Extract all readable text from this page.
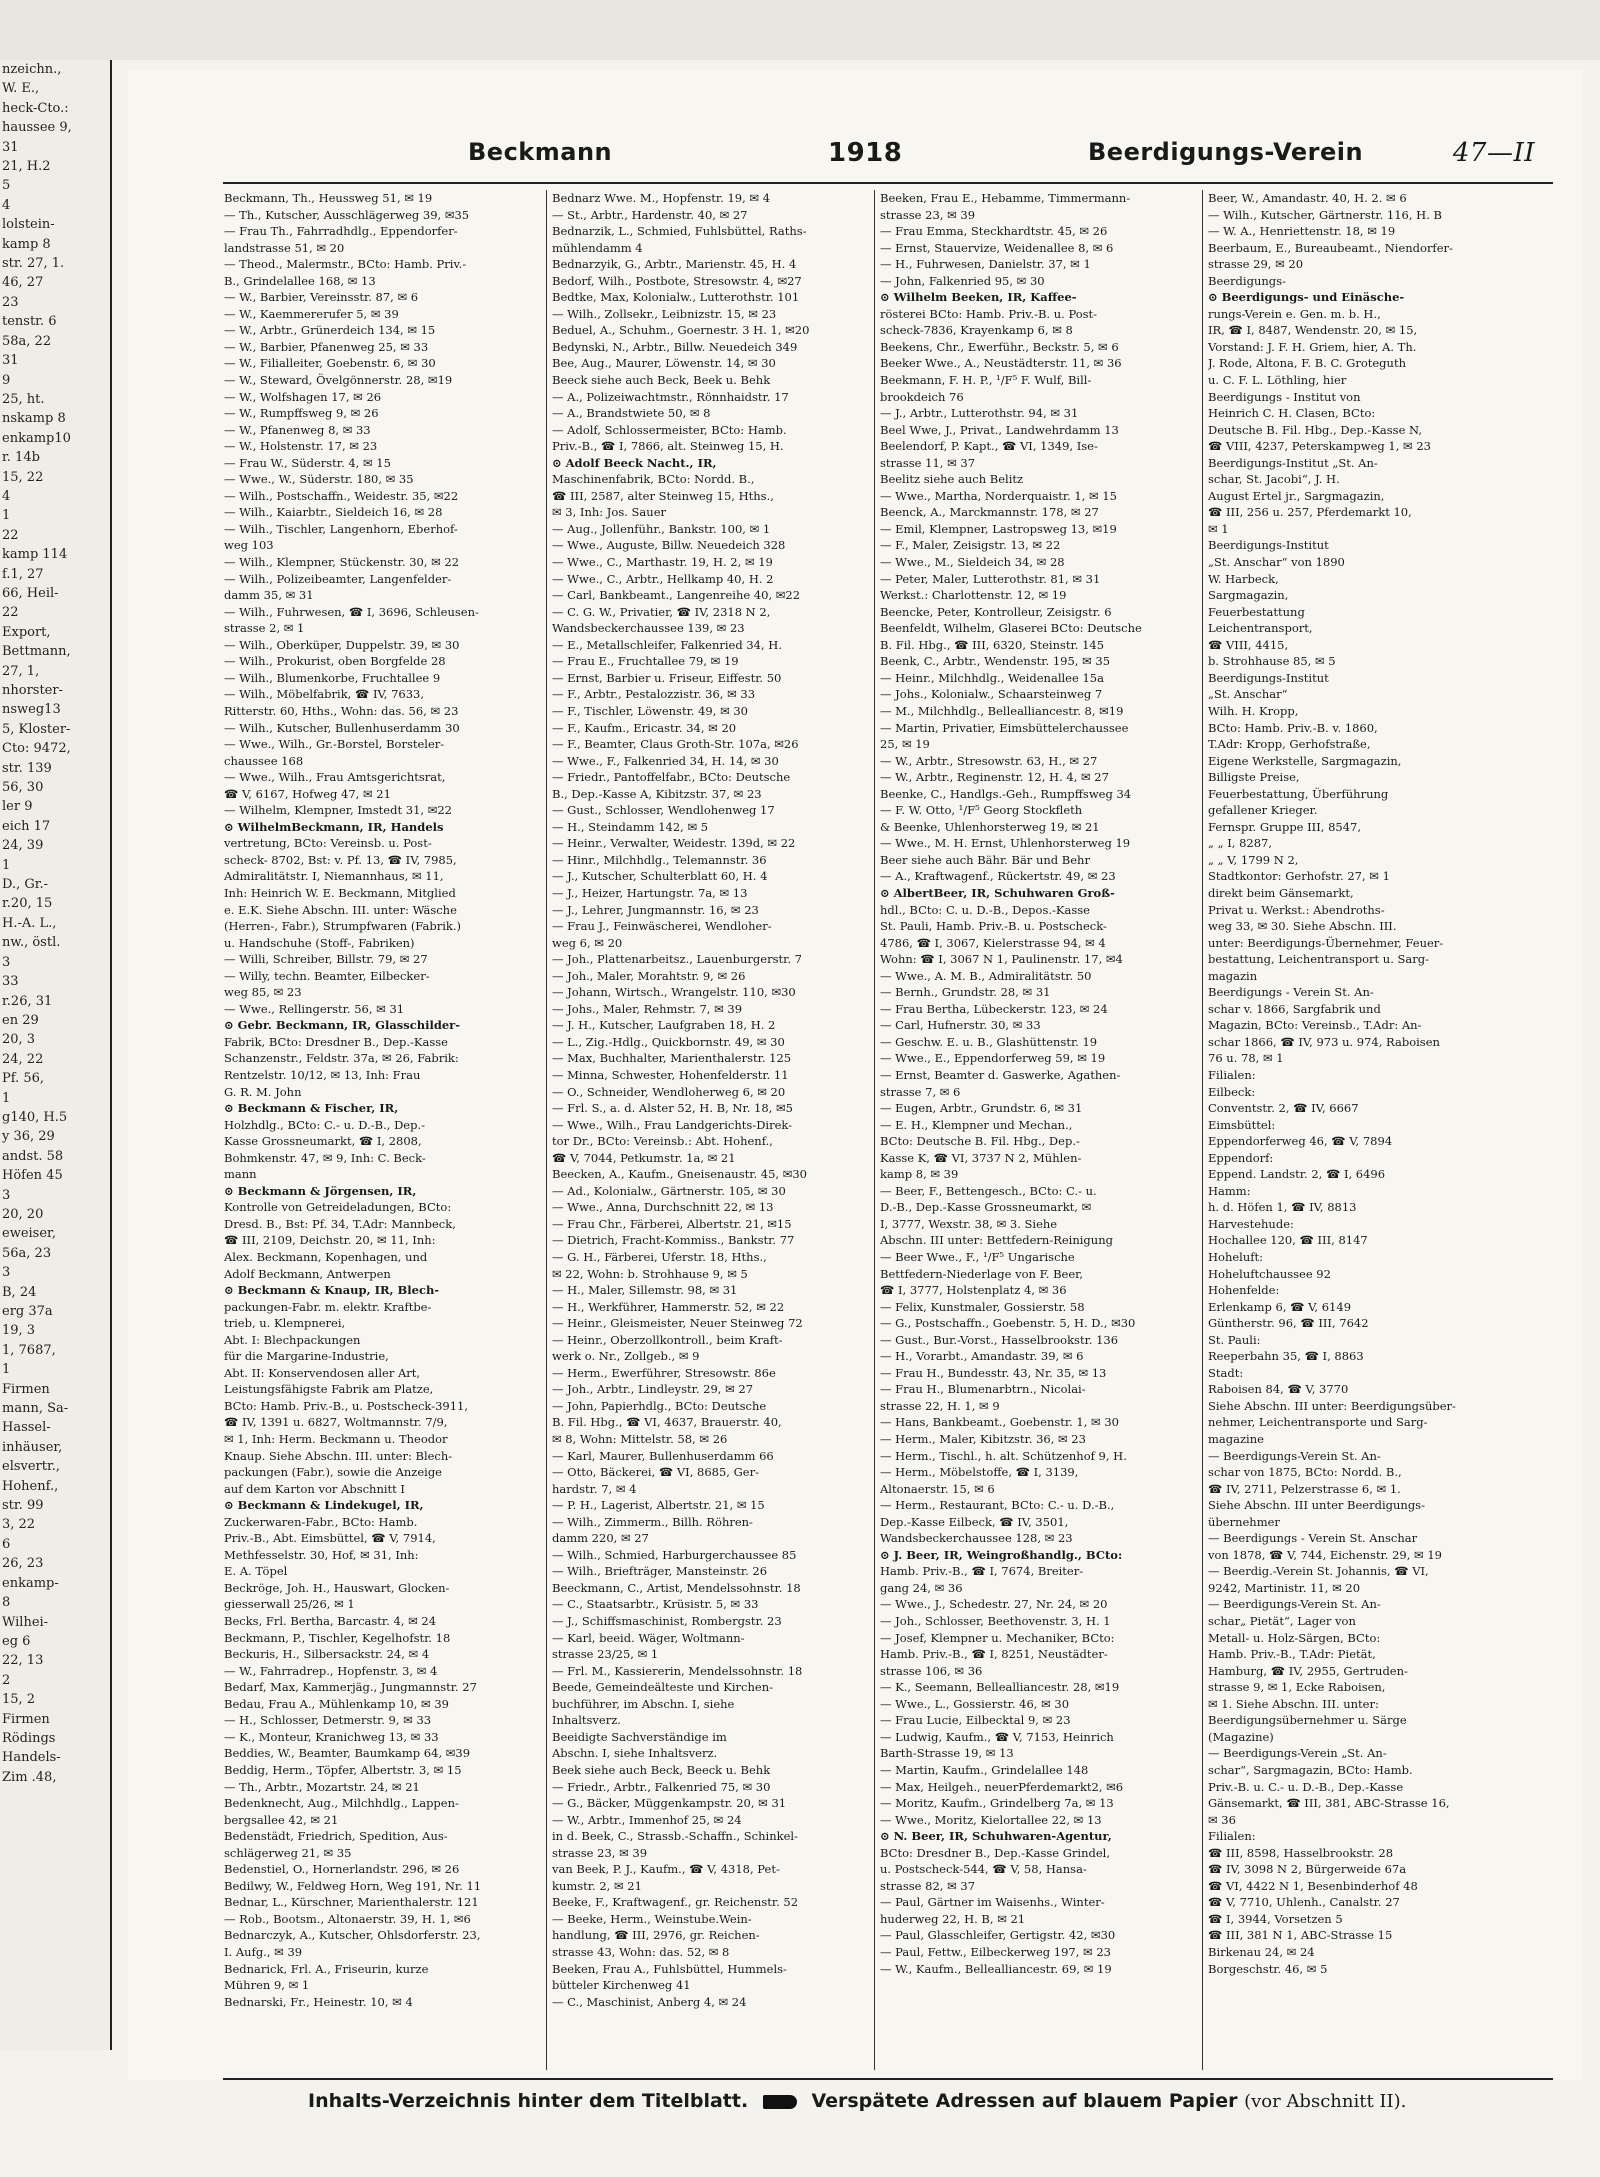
nzeichn.,
W. E.,
heck-Cto.:
haussee 9,
31
21, H.2
5
4
lolstein-
kamp 8
str. 27, 1.
46, 27
23
tenstr. 6
58a, 22
31
9
25, ht.
nskamp 8
enkamp10
r. 14b
15, 22
4
1
22
kamp 114
f.1, 27
66, Heil-
22
Export,
Bettmann,
27, 1,
nhorster-
nsweg13
5, Kloster-
Cto: 9472,
str. 139
56, 30
ler 9
eich 17
24, 39
1
D., Gr.-
r.20, 15
H.-A. L.,
nw., östl.
3
33
r.26, 31
en 29
20, 3
24, 22
Pf. 56,
1
g140, H.5
y 36, 29
andst. 58
Höfen 45
3
20, 20
eweiser,
56a, 23
3
B, 24
erg 37a
19, 3
1, 7687,
1
Firmen
mann, Sa-
Hassel-
inhäuser,
elsvertr.,
Hohenf.,
str. 99
3, 22
6
26, 23
enkamp-
8
Wilhei-
eg 6
22, 13
2
15, 2
Firmen
Rödings
Handels-
Zim .48,
Beckmann	1918	Beerdigungs-Verein	47—II
Beckmann, Th., Heussweg 51, ✉ 19
— Th., Kutscher, Ausschlägerweg 39, ✉35
— Frau Th., Fahrradhdlg., Eppendorfer-
landstrasse 51, ✉ 20
— Theod., Malermstr., BCto: Hamb. Priv.-
B., Grindelallee 168, ✉ 13
— W., Barbier, Vereinsstr. 87, ✉ 6
— W., Kaemmererufer 5, ✉ 39
— W., Arbtr., Grünerdeich 134, ✉ 15
— W., Barbier, Pfanenweg 25, ✉ 33
— W., Filialleiter, Goebenstr. 6, ✉ 30
— W., Steward, Övelgönnerstr. 28, ✉19
— W., Wolfshagen 17, ✉ 26
— W., Rumpffsweg 9, ✉ 26
— W., Pfanenweg 8, ✉ 33
— W., Holstenstr. 17, ✉ 23
— Frau W., Süderstr. 4, ✉ 15
— Wwe., W., Süderstr. 180, ✉ 35
— Wilh., Postschaffn., Weidestr. 35, ✉22
— Wilh., Kaiarbtr., Sieldeich 16, ✉ 28
— Wilh., Tischler, Langenhorn, Eberhof-
weg 103
— Wilh., Klempner, Stückenstr. 30, ✉ 22
— Wilh., Polizeibeamter, Langenfelder-
damm 35, ✉ 31
— Wilh., Fuhrwesen, ☎ I, 3696, Schleusen-
strasse 2, ✉ 1
— Wilh., Oberküper, Duppelstr. 39, ✉ 30
— Wilh., Prokurist, oben Borgfelde 28
— Wilh., Blumenkorbe, Fruchtallee 9
— Wilh., Möbelfabrik, ☎ IV, 7633,
Ritterstr. 60, Hths., Wohn: das. 56, ✉ 23
— Wilh., Kutscher, Bullenhuserdamm 30
— Wwe., Wilh., Gr.-Borstel, Borsteler-
chaussee 168
— Wwe., Wilh., Frau Amtsgerichtsrat,
☎ V, 6167, Hofweg 47, ✉ 21
— Wilhelm, Klempner, Imstedt 31, ✉22
⊙ WilhelmBeckmann, IR, Handels
vertretung, BCto: Vereinsb. u. Post-
scheck- 8702, Bst: v. Pf. 13, ☎ IV, 7985,
Admiralitätstr. I, Niemannhaus, ✉ 11,
Inh: Heinrich W. E. Beckmann, Mitglied
e. E.K. Siehe Abschn. III. unter: Wäsche
(Herren-, Fabr.), Strumpfwaren (Fabrik.)
u. Handschuhe (Stoff-, Fabriken)
— Willi, Schreiber, Billstr. 79, ✉ 27
— Willy, techn. Beamter, Eilbecker-
weg 85, ✉ 23
— Wwe., Rellingerstr. 56, ✉ 31
⊙ Gebr. Beckmann, IR, Glasschilder-
Fabrik, BCto: Dresdner B., Dep.-Kasse
Schanzenstr., Feldstr. 37a, ✉ 26, Fabrik:
Rentzelstr. 10/12, ✉ 13, Inh: Frau
G. R. M. John
⊙ Beckmann & Fischer, IR,
Holzhdlg., BCto: C.- u. D.-B., Dep.-
Kasse Grossneumarkt, ☎ I, 2808,
Bohmkenstr. 47, ✉ 9, Inh: C. Beck-
mann
⊙ Beckmann & Jörgensen, IR,
Kontrolle von Getreideladungen, BCto:
Dresd. B., Bst: Pf. 34, T.Adr: Mannbeck,
☎ III, 2109, Deichstr. 20, ✉ 11, Inh:
Alex. Beckmann, Kopenhagen, und
Adolf Beckmann, Antwerpen
⊙ Beckmann & Knaup, IR, Blech-
packungen-Fabr. m. elektr. Kraftbe-
trieb, u. Klempnerei,
Abt. I: Blechpackungen
für die Margarine-Industrie,
Abt. II: Konservendosen aller Art,
Leistungsfähigste Fabrik am Platze,
BCto: Hamb. Priv.-B., u. Postscheck-3911,
☎ IV, 1391 u. 6827, Woltmannstr. 7/9,
✉ 1, Inh: Herm. Beckmann u. Theodor
Knaup. Siehe Abschn. III. unter: Blech-
packungen (Fabr.), sowie die Anzeige
auf dem Karton vor Abschnitt I
⊙ Beckmann & Lindekugel, IR,
Zuckerwaren-Fabr., BCto: Hamb.
Priv.-B., Abt. Eimsbüttel, ☎ V, 7914,
Methfesselstr. 30, Hof, ✉ 31, Inh:
E. A. Töpel
Beckröge, Joh. H., Hauswart, Glocken-
giesserwall 25/26, ✉ 1
Becks, Frl. Bertha, Barcastr. 4, ✉ 24
Beckmann, P., Tischler, Kegelhofstr. 18
Beckuris, H., Silbersackstr. 24, ✉ 4
— W., Fahrradrep., Hopfenstr. 3, ✉ 4
Bedarf, Max, Kammerjäg., Jungmannstr. 27
Bedau, Frau A., Mühlenkamp 10, ✉ 39
— H., Schlosser, Detmerstr. 9, ✉ 33
— K., Monteur, Kranichweg 13, ✉ 33
Beddies, W., Beamter, Baumkamp 64, ✉39
Beddig, Herm., Töpfer, Albertstr. 3, ✉ 15
— Th., Arbtr., Mozartstr. 24, ✉ 21
Bedenknecht, Aug., Milchhdlg., Lappen-
bergsallee 42, ✉ 21
Bedenstädt, Friedrich, Spedition, Aus-
schlägerweg 21, ✉ 35
Bedenstiel, O., Hornerlandstr. 296, ✉ 26
Bedilwy, W., Feldweg Horn, Weg 191, Nr. 11
Bednar, L., Kürschner, Marienthalerstr. 121
— Rob., Bootsm., Altonaerstr. 39, H. 1, ✉6
Bednarczyk, A., Kutscher, Ohlsdorferstr. 23,
I. Aufg., ✉ 39
Bednarick, Frl. A., Friseurin, kurze
Mühren 9, ✉ 1
Bednarski, Fr., Heinestr. 10, ✉ 4
Bednarz Wwe. M., Hopfenstr. 19, ✉ 4
— St., Arbtr., Hardenstr. 40, ✉ 27
Bednarzik, L., Schmied, Fuhlsbüttel, Raths-
mühlendamm 4
Bednarzyik, G., Arbtr., Marienstr. 45, H. 4
Bedorf, Wilh., Postbote, Stresowstr. 4, ✉27
Bedtke, Max, Kolonialw., Lutterothstr. 101
— Wilh., Zollsekr., Leibnizstr. 15, ✉ 23
Beduel, A., Schuhm., Goernestr. 3 H. 1, ✉20
Bedynski, N., Arbtr., Billw. Neuedeich 349
Bee, Aug., Maurer, Löwenstr. 14, ✉ 30
Beeck siehe auch Beck, Beek u. Behk
— A., Polizeiwachtmstr., Rönnhaidstr. 17
— A., Brandstwiete 50, ✉ 8
— Adolf, Schlossermeister, BCto: Hamb.
Priv.-B., ☎ I, 7866, alt. Steinweg 15, H.
⊙ Adolf Beeck Nacht., IR,
Maschinenfabrik, BCto: Nordd. B.,
☎ III, 2587, alter Steinweg 15, Hths.,
✉ 3, Inh: Jos. Sauer
— Aug., Jollenführ., Bankstr. 100, ✉ 1
— Wwe., Auguste, Billw. Neuedeich 328
— Wwe., C., Marthastr. 19, H. 2, ✉ 19
— Wwe., C., Arbtr., Hellkamp 40, H. 2
— Carl, Bankbeamt., Langenreihe 40, ✉22
— C. G. W., Privatier, ☎ IV, 2318 N 2,
Wandsbeckerchaussee 139, ✉ 23
— E., Metallschleifer, Falkenried 34, H.
— Frau E., Fruchtallee 79, ✉ 19
— Ernst, Barbier u. Friseur, Eiffestr. 50
— F., Arbtr., Pestalozzistr. 36, ✉ 33
— F., Tischler, Löwenstr. 49, ✉ 30
— F., Kaufm., Ericastr. 34, ✉ 20
— F., Beamter, Claus Groth-Str. 107a, ✉26
— Wwe., F., Falkenried 34, H. 14, ✉ 30
— Friedr., Pantoffelfabr., BCto: Deutsche
B., Dep.-Kasse A, Kibitzstr. 37, ✉ 23
— Gust., Schlosser, Wendlohenweg 17
— H., Steindamm 142, ✉ 5
— Heinr., Verwalter, Weidestr. 139d, ✉ 22
— Hinr., Milchhdlg., Telemannstr. 36
— J., Kutscher, Schulterblatt 60, H. 4
— J., Heizer, Hartungstr. 7a, ✉ 13
— J., Lehrer, Jungmannstr. 16, ✉ 23
— Frau J., Feinwäscherei, Wendloher-
weg 6, ✉ 20
— Joh., Plattenarbeitsz., Lauenburgerstr. 7
— Joh., Maler, Morahtstr. 9, ✉ 26
— Johann, Wirtsch., Wrangelstr. 110, ✉30
— Johs., Maler, Rehmstr. 7, ✉ 39
— J. H., Kutscher, Laufgraben 18, H. 2
— L., Zig.-Hdlg., Quickbornstr. 49, ✉ 30
— Max, Buchhalter, Marienthalerstr. 125
— Minna, Schwester, Hohenfelderstr. 11
— O., Schneider, Wendloherweg 6, ✉ 20
— Frl. S., a. d. Alster 52, H. B, Nr. 18, ✉5
— Wwe., Wilh., Frau Landgerichts-Direk-
tor Dr., BCto: Vereinsb.: Abt. Hohenf.,
☎ V, 7044, Petkumstr. 1a, ✉ 21
Beecken, A., Kaufm., Gneisenaustr. 45, ✉30
— Ad., Kolonialw., Gärtnerstr. 105, ✉ 30
— Wwe., Anna, Durchschnitt 22, ✉ 13
— Frau Chr., Färberei, Albertstr. 21, ✉15
— Dietrich, Fracht-Kommiss., Bankstr. 77
— G. H., Färberei, Uferstr. 18, Hths.,
✉ 22, Wohn: b. Strohhause 9, ✉ 5
— H., Maler, Sillemstr. 98, ✉ 31
— H., Werkführer, Hammerstr. 52, ✉ 22
— Heinr., Gleismeister, Neuer Steinweg 72
— Heinr., Oberzollkontroll., beim Kraft-
werk o. Nr., Zollgeb., ✉ 9
— Herm., Ewerführer, Stresowstr. 86e
— Joh., Arbtr., Lindleystr. 29, ✉ 27
— John, Papierhdlg., BCto: Deutsche
B. Fil. Hbg., ☎ VI, 4637, Brauerstr. 40,
✉ 8, Wohn: Mittelstr. 58, ✉ 26
— Karl, Maurer, Bullenhuserdamm 66
— Otto, Bäckerei, ☎ VI, 8685, Ger-
hardstr. 7, ✉ 4
— P. H., Lagerist, Albertstr. 21, ✉ 15
— Wilh., Zimmerm., Billh. Röhren-
damm 220, ✉ 27
— Wilh., Schmied, Harburgerchaussee 85
— Wilh., Briefträger, Mansteinstr. 26
Beeckmann, C., Artist, Mendelssohnstr. 18
— C., Staatsarbtr., Krüsistr. 5, ✉ 33
— J., Schiffsmaschinist, Rombergstr. 23
— Karl, beeid. Wäger, Woltmann-
strasse 23/25, ✉ 1
— Frl. M., Kassiererin, Mendelssohnstr. 18
Beede, Gemeindeälteste und Kirchen-
buchführer, im Abschn. I, siehe
Inhaltsverz.
Beeidigte Sachverständige im
Abschn. I, siehe Inhaltsverz.
Beek siehe auch Beck, Beeck u. Behk
— Friedr., Arbtr., Falkenried 75, ✉ 30
— G., Bäcker, Müggenkampstr. 20, ✉ 31
— W., Arbtr., Immenhof 25, ✉ 24
in d. Beek, C., Strassb.-Schaffn., Schinkel-
strasse 23, ✉ 39
van Beek, P. J., Kaufm., ☎ V, 4318, Pet-
kumstr. 2, ✉ 21
Beeke, F., Kraftwagenf., gr. Reichenstr. 52
— Beeke, Herm., Weinstube.Wein-
handlung, ☎ III, 2976, gr. Reichen-
strasse 43, Wohn: das. 52, ✉ 8
Beeken, Frau A., Fuhlsbüttel, Hummels-
bütteler Kirchenweg 41
— C., Maschinist, Anberg 4, ✉ 24
Beeken, Frau E., Hebamme, Timmermann-
strasse 23, ✉ 39
— Frau Emma, Steckhardtstr. 45, ✉ 26
— Ernst, Stauervize, Weidenallee 8, ✉ 6
— H., Fuhrwesen, Danielstr. 37, ✉ 1
— John, Falkenried 95, ✉ 30
⊙ Wilhelm Beeken, IR, Kaffee-
rösterei BCto: Hamb. Priv.-B. u. Post-
scheck-7836, Krayenkamp 6, ✉ 8
Beekens, Chr., Ewerführ., Beckstr. 5, ✉ 6
Beeker Wwe., A., Neustädterstr. 11, ✉ 36
Beekmann, F. H. P., ¹/F⁵ F. Wulf, Bill-
brookdeich 76
— J., Arbtr., Lutterothstr. 94, ✉ 31
Beel Wwe, J., Privat., Landwehrdamm 13
Beelendorf, P. Kapt., ☎ VI, 1349, Ise-
strasse 11, ✉ 37
Beelitz siehe auch Belitz
— Wwe., Martha, Norderquaistr. 1, ✉ 15
Beenck, A., Marckmannstr. 178, ✉ 27
— Emil, Klempner, Lastropsweg 13, ✉19
— F., Maler, Zeisigstr. 13, ✉ 22
— Wwe., M., Sieldeich 34, ✉ 28
— Peter, Maler, Lutterothstr. 81, ✉ 31
Werkst.: Charlottenstr. 12, ✉ 19
Beencke, Peter, Kontrolleur, Zeisigstr. 6
Beenfeldt, Wilhelm, Glaserei BCto: Deutsche
B. Fil. Hbg., ☎ III, 6320, Steinstr. 145
Beenk, C., Arbtr., Wendenstr. 195, ✉ 35
— Heinr., Milchhdlg., Weidenallee 15a
— Johs., Kolonialw., Schaarsteinweg 7
— M., Milchhdlg., Bellealliancestr. 8, ✉19
— Martin, Privatier, Eimsbüttelerchaussee
25, ✉ 19
— W., Arbtr., Stresowstr. 63, H., ✉ 27
— W., Arbtr., Reginenstr. 12, H. 4, ✉ 27
Beenke, C., Handlgs.-Geh., Rumpffsweg 34
— F. W. Otto, ¹/F⁵ Georg Stockfleth
& Beenke, Uhlenhorsterweg 19, ✉ 21
— Wwe., M. H. Ernst, Uhlenhorsterweg 19
Beer siehe auch Bähr. Bär und Behr
— A., Kraftwagenf., Rückertstr. 49, ✉ 23
⊙ AlbertBeer, IR, Schuhwaren Groß-
hdl., BCto: C. u. D.-B., Depos.-Kasse
St. Pauli, Hamb. Priv.-B. u. Postscheck-
4786, ☎ I, 3067, Kielerstrasse 94, ✉ 4
Wohn: ☎ I, 3067 N 1, Paulinenstr. 17, ✉4
— Wwe., A. M. B., Admiralitätstr. 50
— Bernh., Grundstr. 28, ✉ 31
— Frau Bertha, Lübeckerstr. 123, ✉ 24
— Carl, Hufnerstr. 30, ✉ 33
— Geschw. E. u. B., Glashüttenstr. 19
— Wwe., E., Eppendorferweg 59, ✉ 19
— Ernst, Beamter d. Gaswerke, Agathen-
strasse 7, ✉ 6
— Eugen, Arbtr., Grundstr. 6, ✉ 31
— E. H., Klempner und Mechan.,
BCto: Deutsche B. Fil. Hbg., Dep.-
Kasse K, ☎ VI, 3737 N 2, Mühlen-
kamp 8, ✉ 39
— Beer, F., Bettengesch., BCto: C.- u.
D.-B., Dep.-Kasse Grossneumarkt, ✉
I, 3777, Wexstr. 38, ✉ 3. Siehe
Abschn. III unter: Bettfedern-Reinigung
— Beer Wwe., F., ¹/F⁵ Ungarische
Bettfedern-Niederlage von F. Beer,
☎ I, 3777, Holstenplatz 4, ✉ 36
— Felix, Kunstmaler, Gossierstr. 58
— G., Postschaffn., Goebenstr. 5, H. D., ✉30
— Gust., Bur.-Vorst., Hasselbrookstr. 136
— H., Vorarbt., Amandastr. 39, ✉ 6
— Frau H., Bundesstr. 43, Nr. 35, ✉ 13
— Frau H., Blumenarbtrn., Nicolai-
strasse 22, H. 1, ✉ 9
— Hans, Bankbeamt., Goebenstr. 1, ✉ 30
— Herm., Maler, Kibitzstr. 36, ✉ 23
— Herm., Tischl., h. alt. Schützenhof 9, H.
— Herm., Möbelstoffe, ☎ I, 3139,
Altonaerstr. 15, ✉ 6
— Herm., Restaurant, BCto: C.- u. D.-B.,
Dep.-Kasse Eilbeck, ☎ IV, 3501,
Wandsbeckerchaussee 128, ✉ 23
⊙ J. Beer, IR, Weingroßhandlg., BCto:
Hamb. Priv.-B., ☎ I, 7674, Breiter-
gang 24, ✉ 36
— Wwe., J., Schedestr. 27, Nr. 24, ✉ 20
— Joh., Schlosser, Beethovenstr. 3, H. 1
— Josef, Klempner u. Mechaniker, BCto:
Hamb. Priv.-B., ☎ I, 8251, Neustädter-
strasse 106, ✉ 36
— K., Seemann, Bellealliancestr. 28, ✉19
— Wwe., L., Gossierstr. 46, ✉ 30
— Frau Lucie, Eilbecktal 9, ✉ 23
— Ludwig, Kaufm., ☎ V, 7153, Heinrich
Barth-Strasse 19, ✉ 13
— Martin, Kaufm., Grindelallee 148
— Max, Heilgeh., neuerPferdemarkt2, ✉6
— Moritz, Kaufm., Grindelberg 7a, ✉ 13
— Wwe., Moritz, Kielortallee 22, ✉ 13
⊙ N. Beer, IR, Schuhwaren-Agentur,
BCto: Dresdner B., Dep.-Kasse Grindel,
u. Postscheck-544, ☎ V, 58, Hansa-
strasse 82, ✉ 37
— Paul, Gärtner im Waisenhs., Winter-
huderweg 22, H. B, ✉ 21
— Paul, Glasschleifer, Gertigstr. 42, ✉30
— Paul, Fettw., Eilbeckerweg 197, ✉ 23
— W., Kaufm., Bellealliancestr. 69, ✉ 19
Beer, W., Amandastr. 40, H. 2. ✉ 6
— Wilh., Kutscher, Gärtnerstr. 116, H. B
— W. A., Henriettenstr. 18, ✉ 19
Beerbaum, E., Bureaubeamt., Niendorfer-
strasse 29, ✉ 20
Beerdigungs-
⊙ Beerdigungs- und Einäsche-
rungs-Verein e. Gen. m. b. H.,
IR, ☎ I, 8487, Wendenstr. 20, ✉ 15,
Vorstand: J. F. H. Griem, hier, A. Th.
J. Rode, Altona, F. B. C. Groteguth
u. C. F. L. Löthling, hier
Beerdigungs - Institut von
Heinrich C. H. Clasen, BCto:
Deutsche B. Fil. Hbg., Dep.-Kasse N,
☎ VIII, 4237, Peterskampweg 1, ✉ 23
Beerdigungs-Institut „St. An-
schar, St. Jacobi“, J. H.
August Ertel jr., Sargmagazin,
☎ III, 256 u. 257, Pferdemarkt 10,
✉ 1
Beerdigungs-Institut
„St. Anschar“ von 1890
W. Harbeck,
Sargmagazin,
Feuerbestattung
Leichentransport,
☎ VIII, 4415,
b. Strohhause 85, ✉ 5
Beerdigungs-Institut
„St. Anschar“
Wilh. H. Kropp,
BCto: Hamb. Priv.-B. v. 1860,
T.Adr: Kropp, Gerhofstraße,
Eigene Werkstelle, Sargmagazin,
Billigste Preise,
Feuerbestattung, Überführung
gefallener Krieger.
Fernspr. Gruppe III, 8547,
„ „ I, 8287,
„ „ V, 1799 N 2,
Stadtkontor: Gerhofstr. 27, ✉ 1
direkt beim Gänsemarkt,
Privat u. Werkst.: Abendroths-
weg 33, ✉ 30. Siehe Abschn. III.
unter: Beerdigungs-Übernehmer, Feuer-
bestattung, Leichentransport u. Sarg-
magazin
Beerdigungs - Verein St. An-
schar v. 1866, Sargfabrik und
Magazin, BCto: Vereinsb., T.Adr: An-
schar 1866, ☎ IV, 973 u. 974, Raboisen
76 u. 78, ✉ 1
Filialen:
Eilbeck:
Conventstr. 2, ☎ IV, 6667
Eimsbüttel:
Eppendorferweg 46, ☎ V, 7894
Eppendorf:
Eppend. Landstr. 2, ☎ I, 6496
Hamm:
h. d. Höfen 1, ☎ IV, 8813
Harvestehude:
Hochallee 120, ☎ III, 8147
Hoheluft:
Hoheluftchaussee 92
Hohenfelde:
Erlenkamp 6, ☎ V, 6149
Güntherstr. 96, ☎ III, 7642
St. Pauli:
Reeperbahn 35, ☎ I, 8863
Stadt:
Raboisen 84, ☎ V, 3770
Siehe Abschn. III unter: Beerdigungsüber-
nehmer, Leichentransporte und Sarg-
magazine
— Beerdigungs-Verein St. An-
schar von 1875, BCto: Nordd. B.,
☎ IV, 2711, Pelzerstrasse 6, ✉ 1.
Siehe Abschn. III unter Beerdigungs-
übernehmer
— Beerdigungs - Verein St. Anschar
von 1878, ☎ V, 744, Eichenstr. 29, ✉ 19
— Beerdig.-Verein St. Johannis, ☎ VI,
9242, Martinistr. 11, ✉ 20
— Beerdigungs-Verein St. An-
schar„ Pietät“, Lager von
Metall- u. Holz-Särgen, BCto:
Hamb. Priv.-B., T.Adr: Pietät,
Hamburg, ☎ IV, 2955, Gertruden-
strasse 9, ✉ 1, Ecke Raboisen,
✉ 1. Siehe Abschn. III. unter:
Beerdigungsübernehmer u. Särge
(Magazine)
— Beerdigungs-Verein „St. An-
schar“, Sargmagazin, BCto: Hamb.
Priv.-B. u. C.- u. D.-B., Dep.-Kasse
Gänsemarkt, ☎ III, 381, ABC-Strasse 16,
✉ 36
Filialen:
☎ III, 8598, Hasselbrookstr. 28
☎ IV, 3098 N 2, Bürgerweide 67a
☎ VI, 4422 N 1, Besenbinderhof 48
☎ V, 7710, Uhlenh., Canalstr. 27
☎ I, 3944, Vorsetzen 5
☎ III, 381 N 1, ABC-Strasse 15
Birkenau 24, ✉ 24
Borgeschstr. 46, ✉ 5
Inhalts-Verzeichnis hinter dem Titelblatt.	Verspätete Adressen auf blauem Papier (vor Abschnitt II).
